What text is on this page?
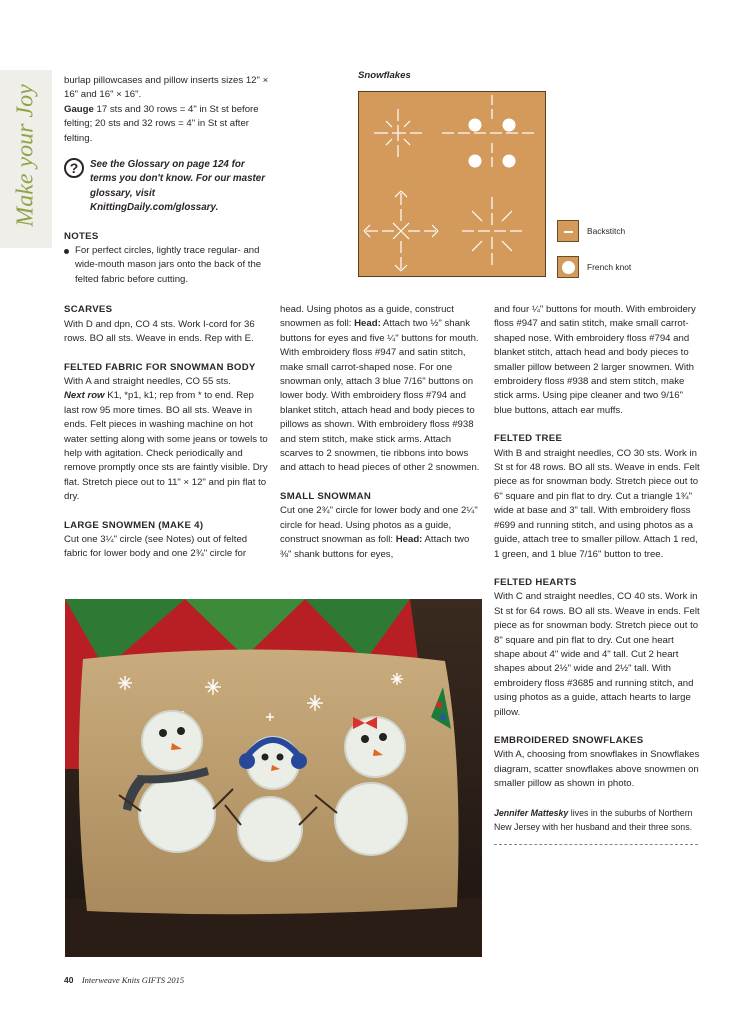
Make your Joy

burlap pillowcases and pillow inserts sizes 12" × 16" and 16" × 16".
Gauge 17 sts and 30 rows = 4" in St st before felting; 20 sts and 32 rows = 4" in St st after felting.

?	See the Glossary on page 124 for terms you don't know. For our master glossary, visit KnittingDaily.com/glossary.
NOTES
For perfect circles, lightly trace regular- and wide-mouth mason jars onto the back of the felted fabric before cutting.
SCARVES

With D and dpn, CO 4 sts. Work I-cord for 36 rows. BO all sts. Weave in ends. Rep with E.

FELTED FABRIC FOR SNOWMAN BODY

With A and straight needles, CO 55 sts.
Next row K1, *p1, k1; rep from * to end. Rep last row 95 more times. BO all sts. Weave in ends. Felt pieces in washing machine on hot water setting along with some jeans or towels to help with agitation. Check periodically and remove promptly once sts are faintly visible. Dry flat. Stretch piece out to 11" × 12" and pin flat to dry.

LARGE SNOWMEN (MAKE 4)

Cut one 3¼" circle (see Notes) out of felted fabric for lower body and one 2¾" circle for

Snowflakes
Backstitch
French knot

head. Using photos as a guide, construct snowmen as foll: Head: Attach two ½" shank buttons for eyes and five ¼" buttons for mouth. With embroidery floss #947 and satin stitch, make small carrot-shaped nose. For one snowman only, attach 3 blue 7/16" buttons on lower body. With embroidery floss #794 and blanket stitch, attach head and body pieces to pillows as shown. With embroidery floss #938 and stem stitch, make stick arms. Attach scarves to 2 snowmen, tie ribbons into bows and attach to head pieces of other 2 snowmen.

SMALL SNOWMAN

Cut one 2¾" circle for lower body and one 2¼" circle for head. Using photos as a guide, construct snowman as foll: Head: Attach two ⅜" shank buttons for eyes,

and four ¼" buttons for mouth. With embroidery floss #947 and satin stitch, make small carrot-shaped nose. With embroidery floss #794 and blanket stitch, attach head and body pieces to smaller pillow between 2 larger snowmen. With embroidery floss #938 and stem stitch, make stick arms. Using pipe cleaner and two 9/16" blue buttons, attach ear muffs.

FELTED TREE

With B and straight needles, CO 30 sts. Work in St st for 48 rows. BO all sts. Weave in ends. Felt piece as for snowman body. Stretch piece out to 6" square and pin flat to dry. Cut a triangle 1¾" wide at base and 3" tall. With embroidery floss #699 and running stitch, and using photos as a guide, attach tree to smaller pillow. Attach 1 red, 1 green, and 1 blue 7/16" button to tree.

FELTED HEARTS

With C and straight needles, CO 40 sts. Work in St st for 64 rows. BO all sts. Weave in ends. Felt piece as for snowman body. Stretch piece out to 8" square and pin flat to dry. Cut one heart shape about 4" wide and 4" tall. Cut 2 heart shapes about 2½" wide and 2½" tall. With embroidery floss #3685 and running stitch, and using photos as a guide, attach hearts to large pillow.

EMBROIDERED SNOWFLAKES

With A, choosing from snowflakes in Snowflakes diagram, scatter snowflakes above snowmen on smaller pillow as shown in photo.

Jennifer Mattesky lives in the suburbs of Northern New Jersey with her husband and their three sons.

40 Interweave Knits GIFTS 2015
